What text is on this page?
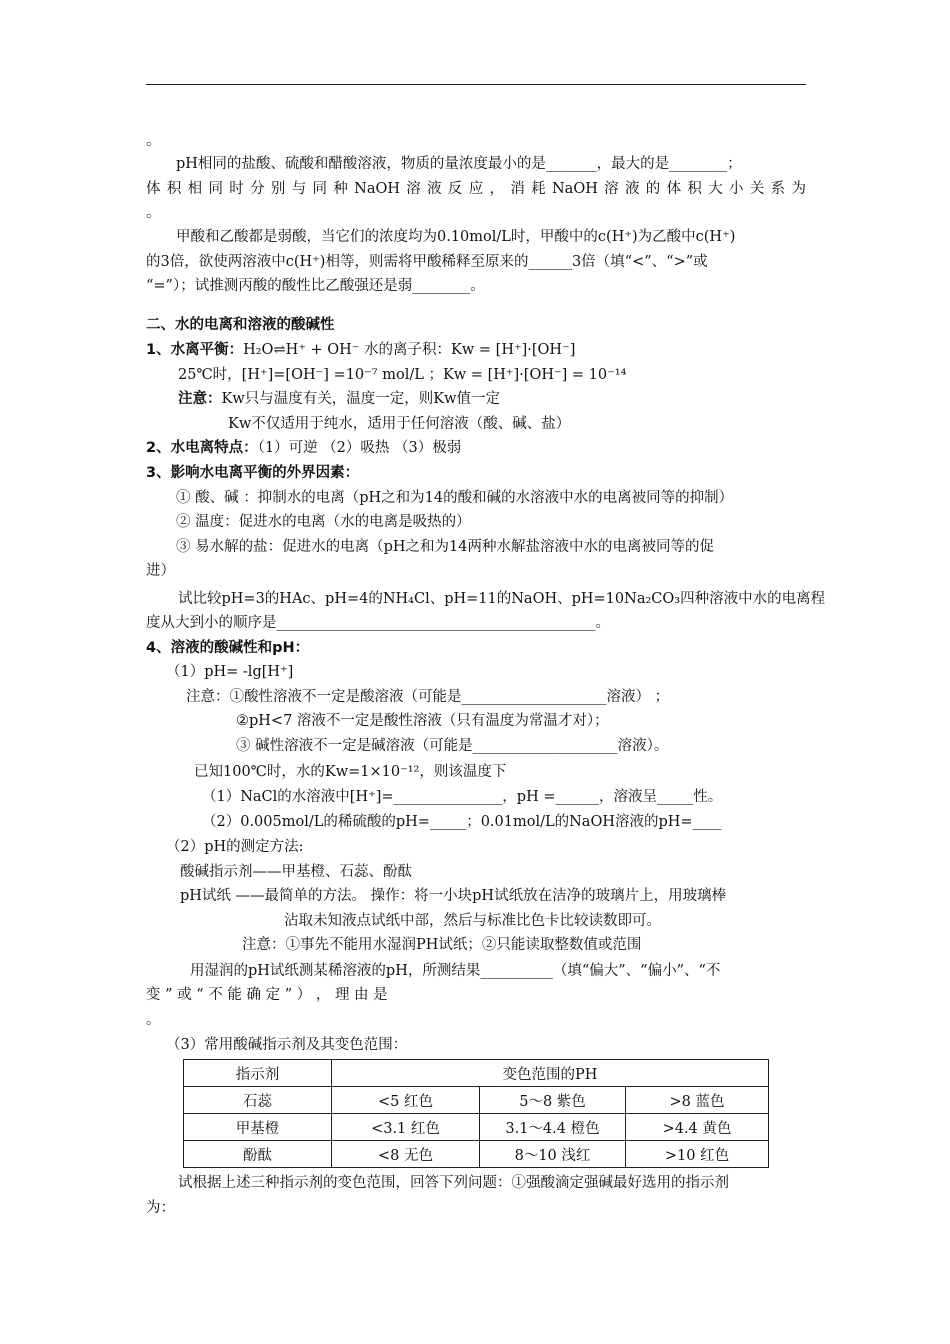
。
pH相同的盐酸、硫酸和醋酸溶液，物质的量浓度最小的是_______，最大的是________；
体积相同时分别与同种NaOH溶液反应，消耗NaOH溶液的体积大小关系为
。
甲酸和乙酸都是弱酸，当它们的浓度均为0.10mol/L时，甲酸中的c(H⁺)为乙酸中c(H⁺)
的3倍，欲使两溶液中c(H⁺)相等，则需将甲酸稀释至原来的______3倍（填“<”、“>”或
“=”）；试推测丙酸的酸性比乙酸强还是弱________。
二、水的电离和溶液的酸碱性
1、水离平衡：H₂O⇌H⁺ + OH⁻ 水的离子积：Kw = [H⁺]·[OH⁻]
25℃时，[H⁺]=[OH⁻] =10⁻⁷ mol/L ；Kw = [H⁺]·[OH⁻] = 10⁻¹⁴
注意：Kw只与温度有关，温度一定，则Kw值一定
Kw不仅适用于纯水，适用于任何溶液（酸、碱、盐）
2、水电离特点：（1）可逆 （2）吸热 （3）极弱
3、影响水电离平衡的外界因素：
① 酸、碱 ：抑制水的电离（pH之和为14的酸和碱的水溶液中水的电离被同等的抑制）
② 温度：促进水的电离（水的电离是吸热的）
③ 易水解的盐：促进水的电离（pH之和为14两种水解盐溶液中水的电离被同等的促
进）
试比较pH=3的HAc、pH=4的NH₄Cl、pH=11的NaOH、pH=10Na₂CO₃四种溶液中水的电离程
度从大到小的顺序是____________________________________________。
4、溶液的酸碱性和pH：
（1）pH= -lg[H⁺]
注意：①酸性溶液不一定是酸溶液（可能是____________________溶液） ；
②pH<7 溶液不一定是酸性溶液（只有温度为常温才对）；
③ 碱性溶液不一定是碱溶液（可能是____________________溶液）。
已知100℃时，水的Kw=1×10⁻¹²，则该温度下
（1）NaCl的水溶液中[H⁺]=_______________，pH =______，溶液呈_____性。
（2）0.005mol/L的稀硫酸的pH=_____；0.01mol/L的NaOH溶液的pH=____
（2）pH的测定方法:
酸碱指示剂——甲基橙、石蕊、酚酞
pH试纸 ——最简单的方法。 操作：将一小块pH试纸放在洁净的玻璃片上，用玻璃棒
沾取未知液点试纸中部，然后与标准比色卡比较读数即可。
注意：①事先不能用水湿润PH试纸；②只能读取整数值或范围
用湿润的pH试纸测某稀溶液的pH，所测结果__________（填“偏大”、“偏小”、“不
变 ” 或 “ 不 能 确 定 ” ） ， 理 由 是
。
（3）常用酸碱指示剂及其变色范围：
指示剂	变色范围的PH		
石蕊	<5 红色	5～8 紫色	>8 蓝色
甲基橙	<3.1 红色	3.1～4.4 橙色	>4.4 黄色
酚酞	<8 无色	8～10 浅红	>10 红色
试根据上述三种指示剂的变色范围，回答下列问题：①强酸滴定强碱最好选用的指示剂
为：
